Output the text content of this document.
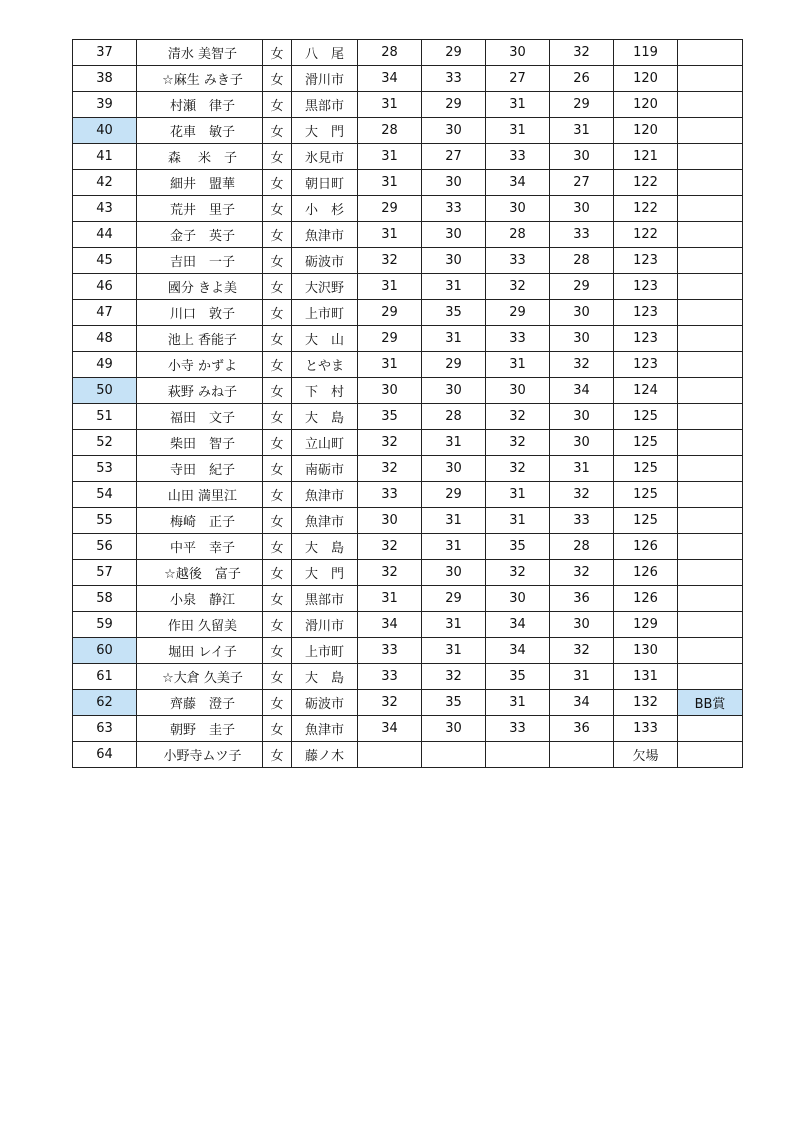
37	清水 美智子	女	八　尾	28	29	30	32	119	
38	☆麻生 みき子	女	滑川市	34	33	27	26	120	
39	村瀬　律子	女	黒部市	31	29	31	29	120	
40	花車　敏子	女	大　門	28	30	31	31	120	
41	森　 米　子	女	氷見市	31	27	33	30	121	
42	細井　盟華	女	朝日町	31	30	34	27	122	
43	荒井　里子	女	小　杉	29	33	30	30	122	
44	金子　英子	女	魚津市	31	30	28	33	122	
45	吉田　一子	女	砺波市	32	30	33	28	123	
46	國分 きよ美	女	大沢野	31	31	32	29	123	
47	川口　敦子	女	上市町	29	35	29	30	123	
48	池上 香能子	女	大　山	29	31	33	30	123	
49	小寺 かずよ	女	とやま	31	29	31	32	123	
50	萩野 みね子	女	下　村	30	30	30	34	124	
51	福田　文子	女	大　島	35	28	32	30	125	
52	柴田　智子	女	立山町	32	31	32	30	125	
53	寺田　紀子	女	南砺市	32	30	32	31	125	
54	山田 満里江	女	魚津市	33	29	31	32	125	
55	梅崎　正子	女	魚津市	30	31	31	33	125	
56	中平　幸子	女	大　島	32	31	35	28	126	
57	☆越後　富子	女	大　門	32	30	32	32	126	
58	小泉　静江	女	黒部市	31	29	30	36	126	
59	作田 久留美	女	滑川市	34	31	34	30	129	
60	堀田 レイ子	女	上市町	33	31	34	32	130	
61	☆大倉 久美子	女	大　島	33	32	35	31	131	
62	齊藤　澄子	女	砺波市	32	35	31	34	132	BB賞
63	朝野　圭子	女	魚津市	34	30	33	36	133	
64	小野寺ムツ子	女	藤ノ木					欠場	
